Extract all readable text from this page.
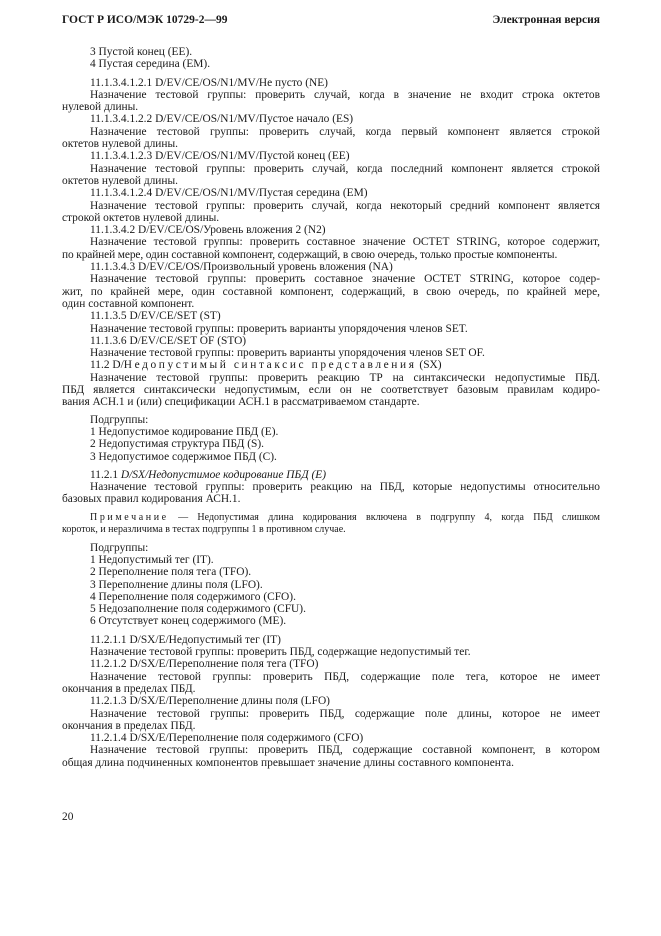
ГОСТ Р ИСО/МЭК 10729-2—99	Электронная версия
3 Пустой конец (ЕЕ).
4 Пустая середина (ЕМ).
11.1.3.4.1.2.1 D/EV/CE/OS/N1/MV/Не пусто (NE)
Назначение тестовой группы: проверить случай, когда в значение не входит строка октетов
нулевой длины.
11.1.3.4.1.2.2 D/EV/CE/OS/N1/MV/Пустое начало (ES)
Назначение тестовой группы: проверить случай, когда первый компонент является строкой
октетов нулевой длины.
11.1.3.4.1.2.3 D/EV/CE/OS/N1/MV/Пустой конец (ЕЕ)
Назначение тестовой группы: проверить случай, когда последний компонент является строкой
октетов нулевой длины.
11.1.3.4.1.2.4 D/EV/CE/OS/N1/MV/Пустая середина (ЕМ)
Назначение тестовой группы: проверить случай, когда некоторый средний компонент является
строкой октетов нулевой длины.
11.1.3.4.2 D/EV/CE/OS/Уровень вложения 2 (N2)
Назначение тестовой группы: проверить составное значение OCTET STRING, которое содержит,
по крайней мере, один составной компонент, содержащий, в свою очередь, только простые компоненты.
11.1.3.4.3 D/EV/CE/OS/Произвольный уровень вложения (NA)
Назначение тестовой группы: проверить составное значение OCTET STRING, которое содер-
жит, по крайней мере, один составной компонент, содержащий, в свою очередь, по крайней мере,
один составной компонент.
11.1.3.5 D/EV/CE/SET (ST)
Назначение тестовой группы: проверить варианты упорядочения членов SET.
11.1.3.6 D/EV/CE/SET OF (STO)
Назначение тестовой группы: проверить варианты упорядочения членов SET OF.
11.2 D/Недопустимый синтаксис представления (SX)
Назначение тестовой группы: проверить реакцию ТР на синтаксически недопустимые ПБД.
ПБД является синтаксически недопустимым, если он не соответствует базовым правилам кодиро-
вания АСН.1 и (или) спецификации АСН.1 в рассматриваемом стандарте.
Подгруппы:
1 Недопустимое кодирование ПБД (Е).
2 Недопустимая структура ПБД (S).
3 Недопустимое содержимое ПБД (С).
11.2.1 D/SX/Недопустимое кодирование ПБД (Е)
Назначение тестовой группы: проверить реакцию на ПБД, которые недопустимы относительно
базовых правил кодирования АСН.1.
Примечание — Недопустимая длина кодирования включена в подгруппу 4, когда ПБД слишком
короток, и неразличима в тестах подгруппы 1 в противном случае.
Подгруппы:
1 Недопустимый тег (IT).
2 Переполнение поля тега (TFO).
3 Переполнение длины поля (LFO).
4 Переполнение поля содержимого (CFO).
5 Недозаполнение поля содержимого (CFU).
6 Отсутствует конец содержимого (ME).
11.2.1.1 D/SX/E/Недопустимый тег (IT)
Назначение тестовой группы: проверить ПБД, содержащие недопустимый тег.
11.2.1.2 D/SX/E/Переполнение поля тега (TFO)
Назначение тестовой группы: проверить ПБД, содержащие поле тега, которое не имеет
окончания в пределах ПБД.
11.2.1.3 D/SX/E/Переполнение длины поля (LFO)
Назначение тестовой группы: проверить ПБД, содержащие поле длины, которое не имеет
окончания в пределах ПБД.
11.2.1.4 D/SX/E/Переполнение поля содержимого (CFO)
Назначение тестовой группы: проверить ПБД, содержащие составной компонент, в котором
общая длина подчиненных компонентов превышает значение длины составного компонента.
20
